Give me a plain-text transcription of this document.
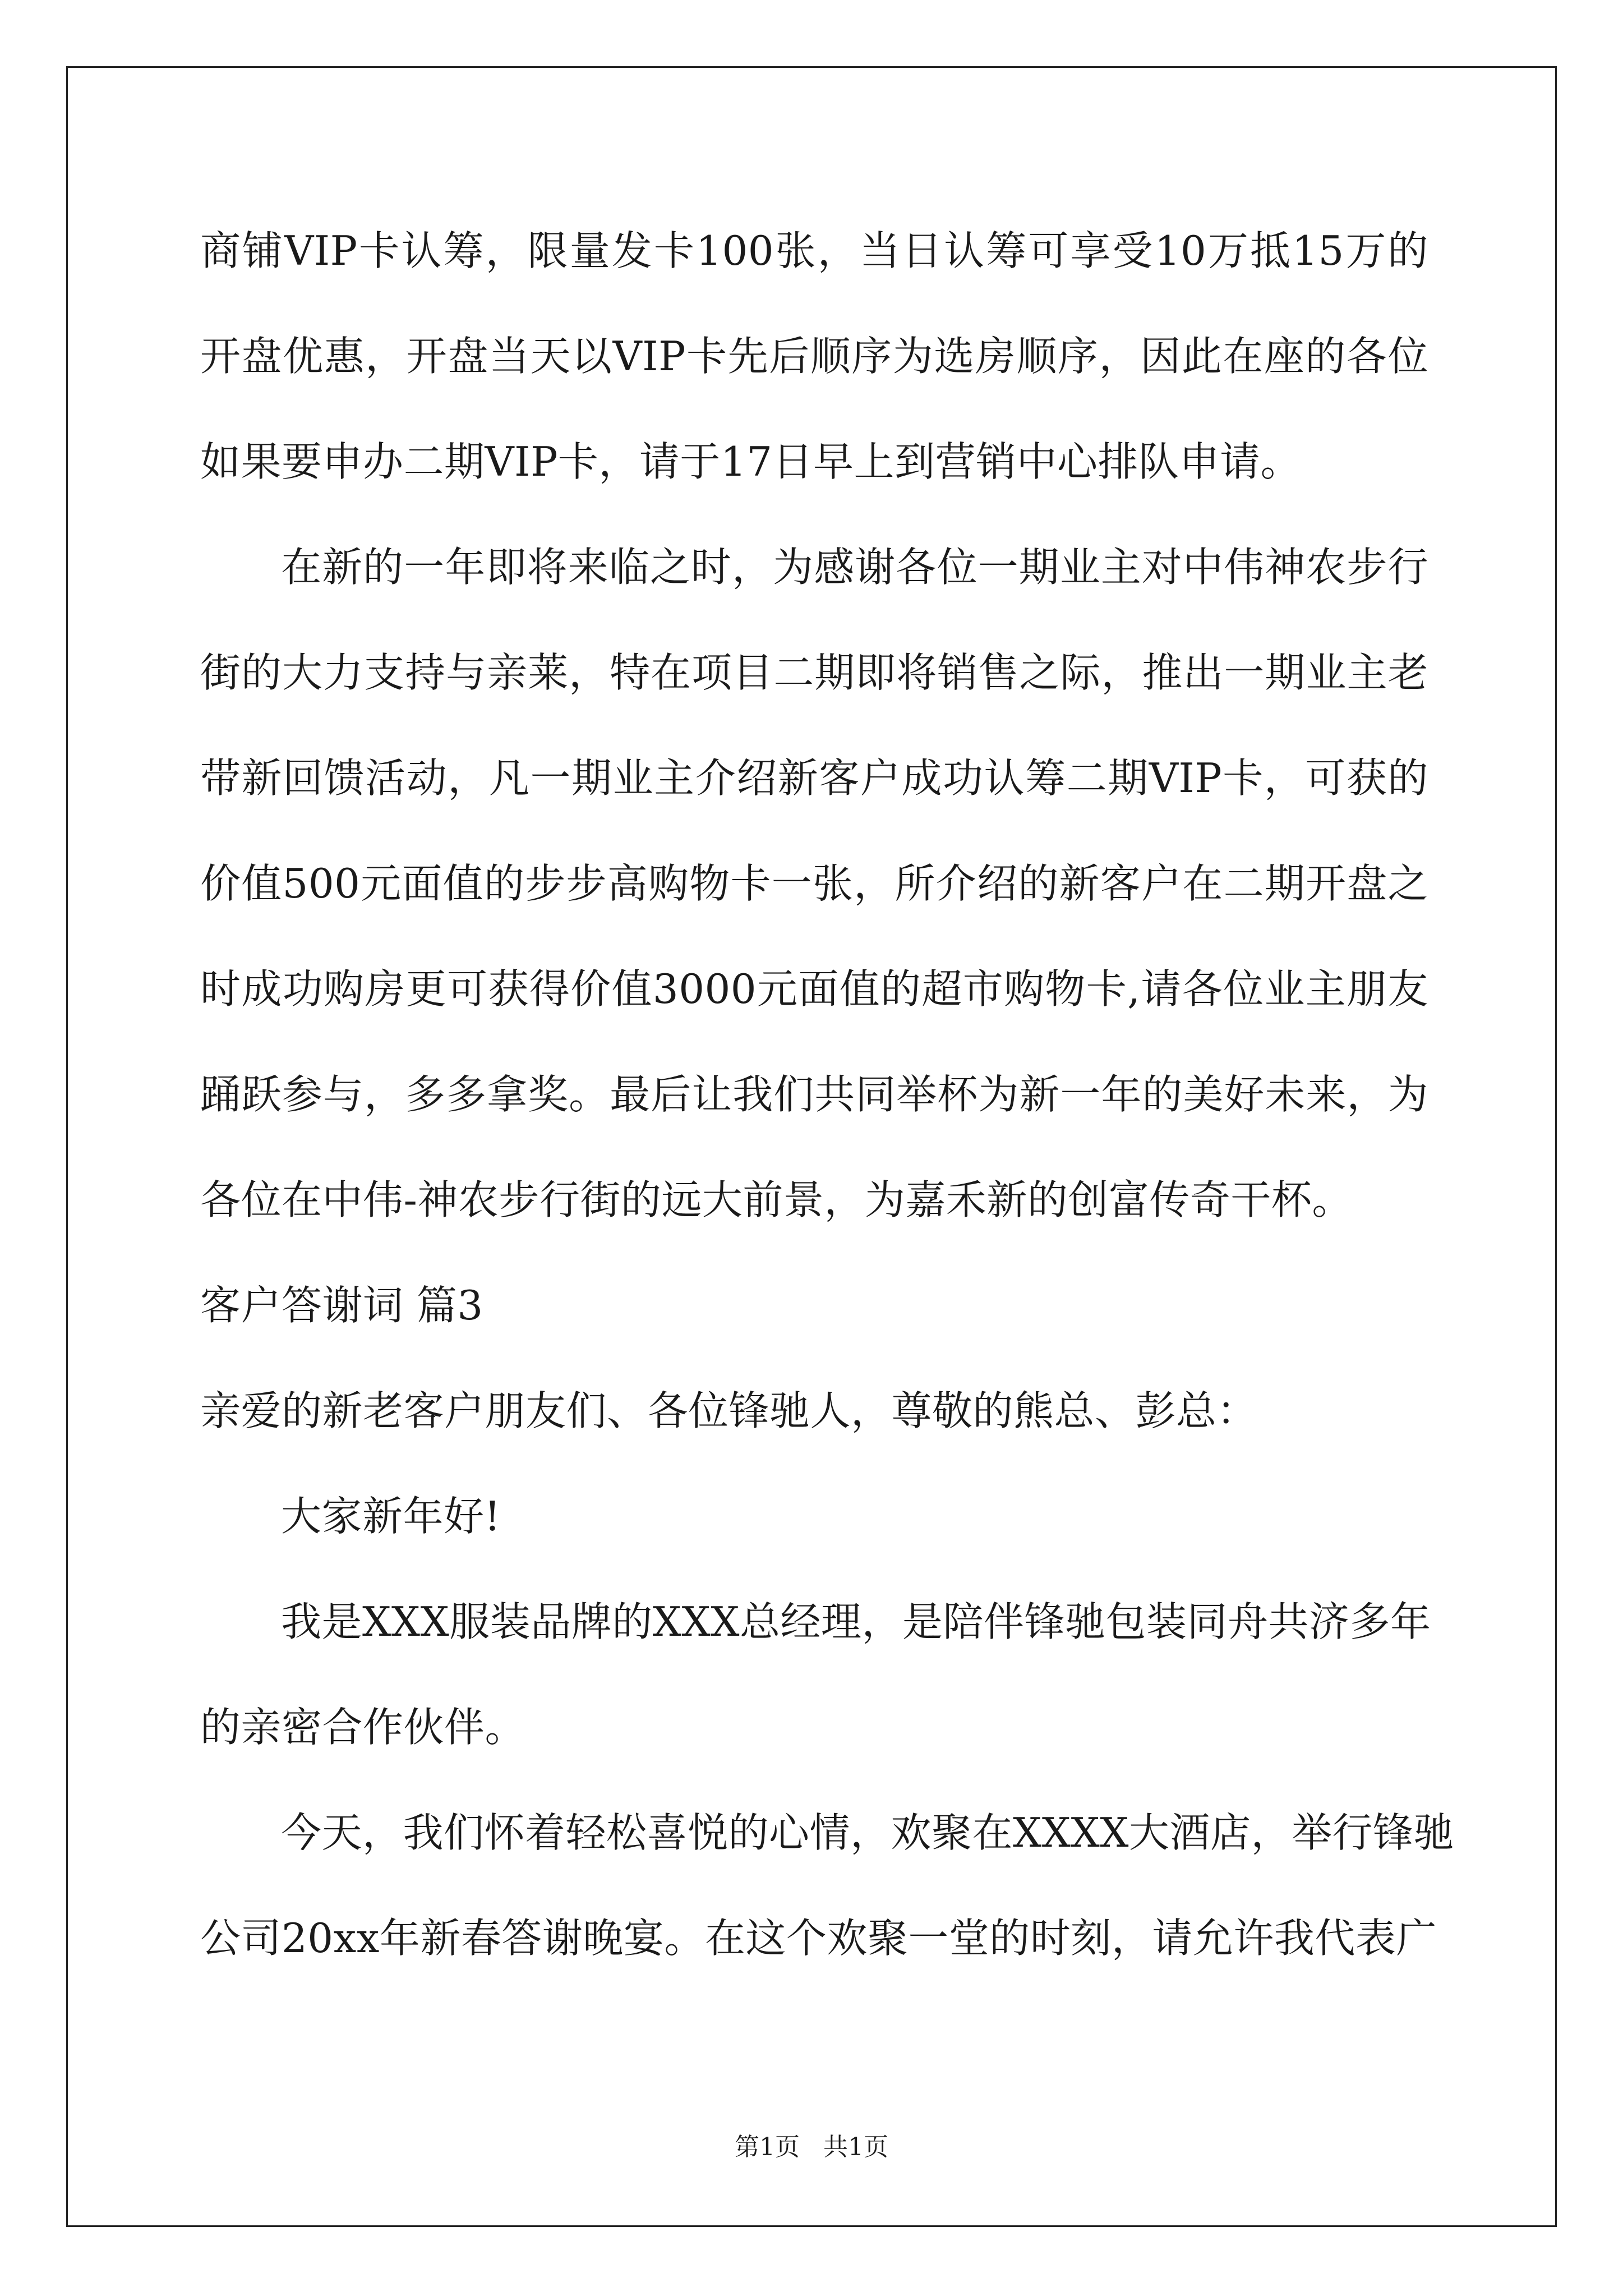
商铺VIP卡认筹，限量发卡100张，当日认筹可享受10万抵15万的
开盘优惠，开盘当天以VIP卡先后顺序为选房顺序，因此在座的各位
如果要申办二期VIP卡，请于17日早上到营销中心排队申请。
在新的一年即将来临之时，为感谢各位一期业主对中伟神农步行
街的大力支持与亲莱，特在项目二期即将销售之际，推出一期业主老
带新回馈活动，凡一期业主介绍新客户成功认筹二期VIP卡，可获的
价值500元面值的步步高购物卡一张，所介绍的新客户在二期开盘之
时成功购房更可获得价值3000元面值的超市购物卡,请各位业主朋友
踊跃参与，多多拿奖。最后让我们共同举杯为新一年的美好未来，为
各位在中伟-神农步行街的远大前景，为嘉禾新的创富传奇干杯。
客户答谢词 篇3
亲爱的新老客户朋友们、各位锋驰人，尊敬的熊总、彭总：
大家新年好!
我是XXX服装品牌的XXX总经理，是陪伴锋驰包装同舟共济多年
的亲密合作伙伴。
今天，我们怀着轻松喜悦的心情，欢聚在XXXX大酒店，举行锋驰
公司20xx年新春答谢晚宴。在这个欢聚一堂的时刻，请允许我代表广
第1页   共1页
